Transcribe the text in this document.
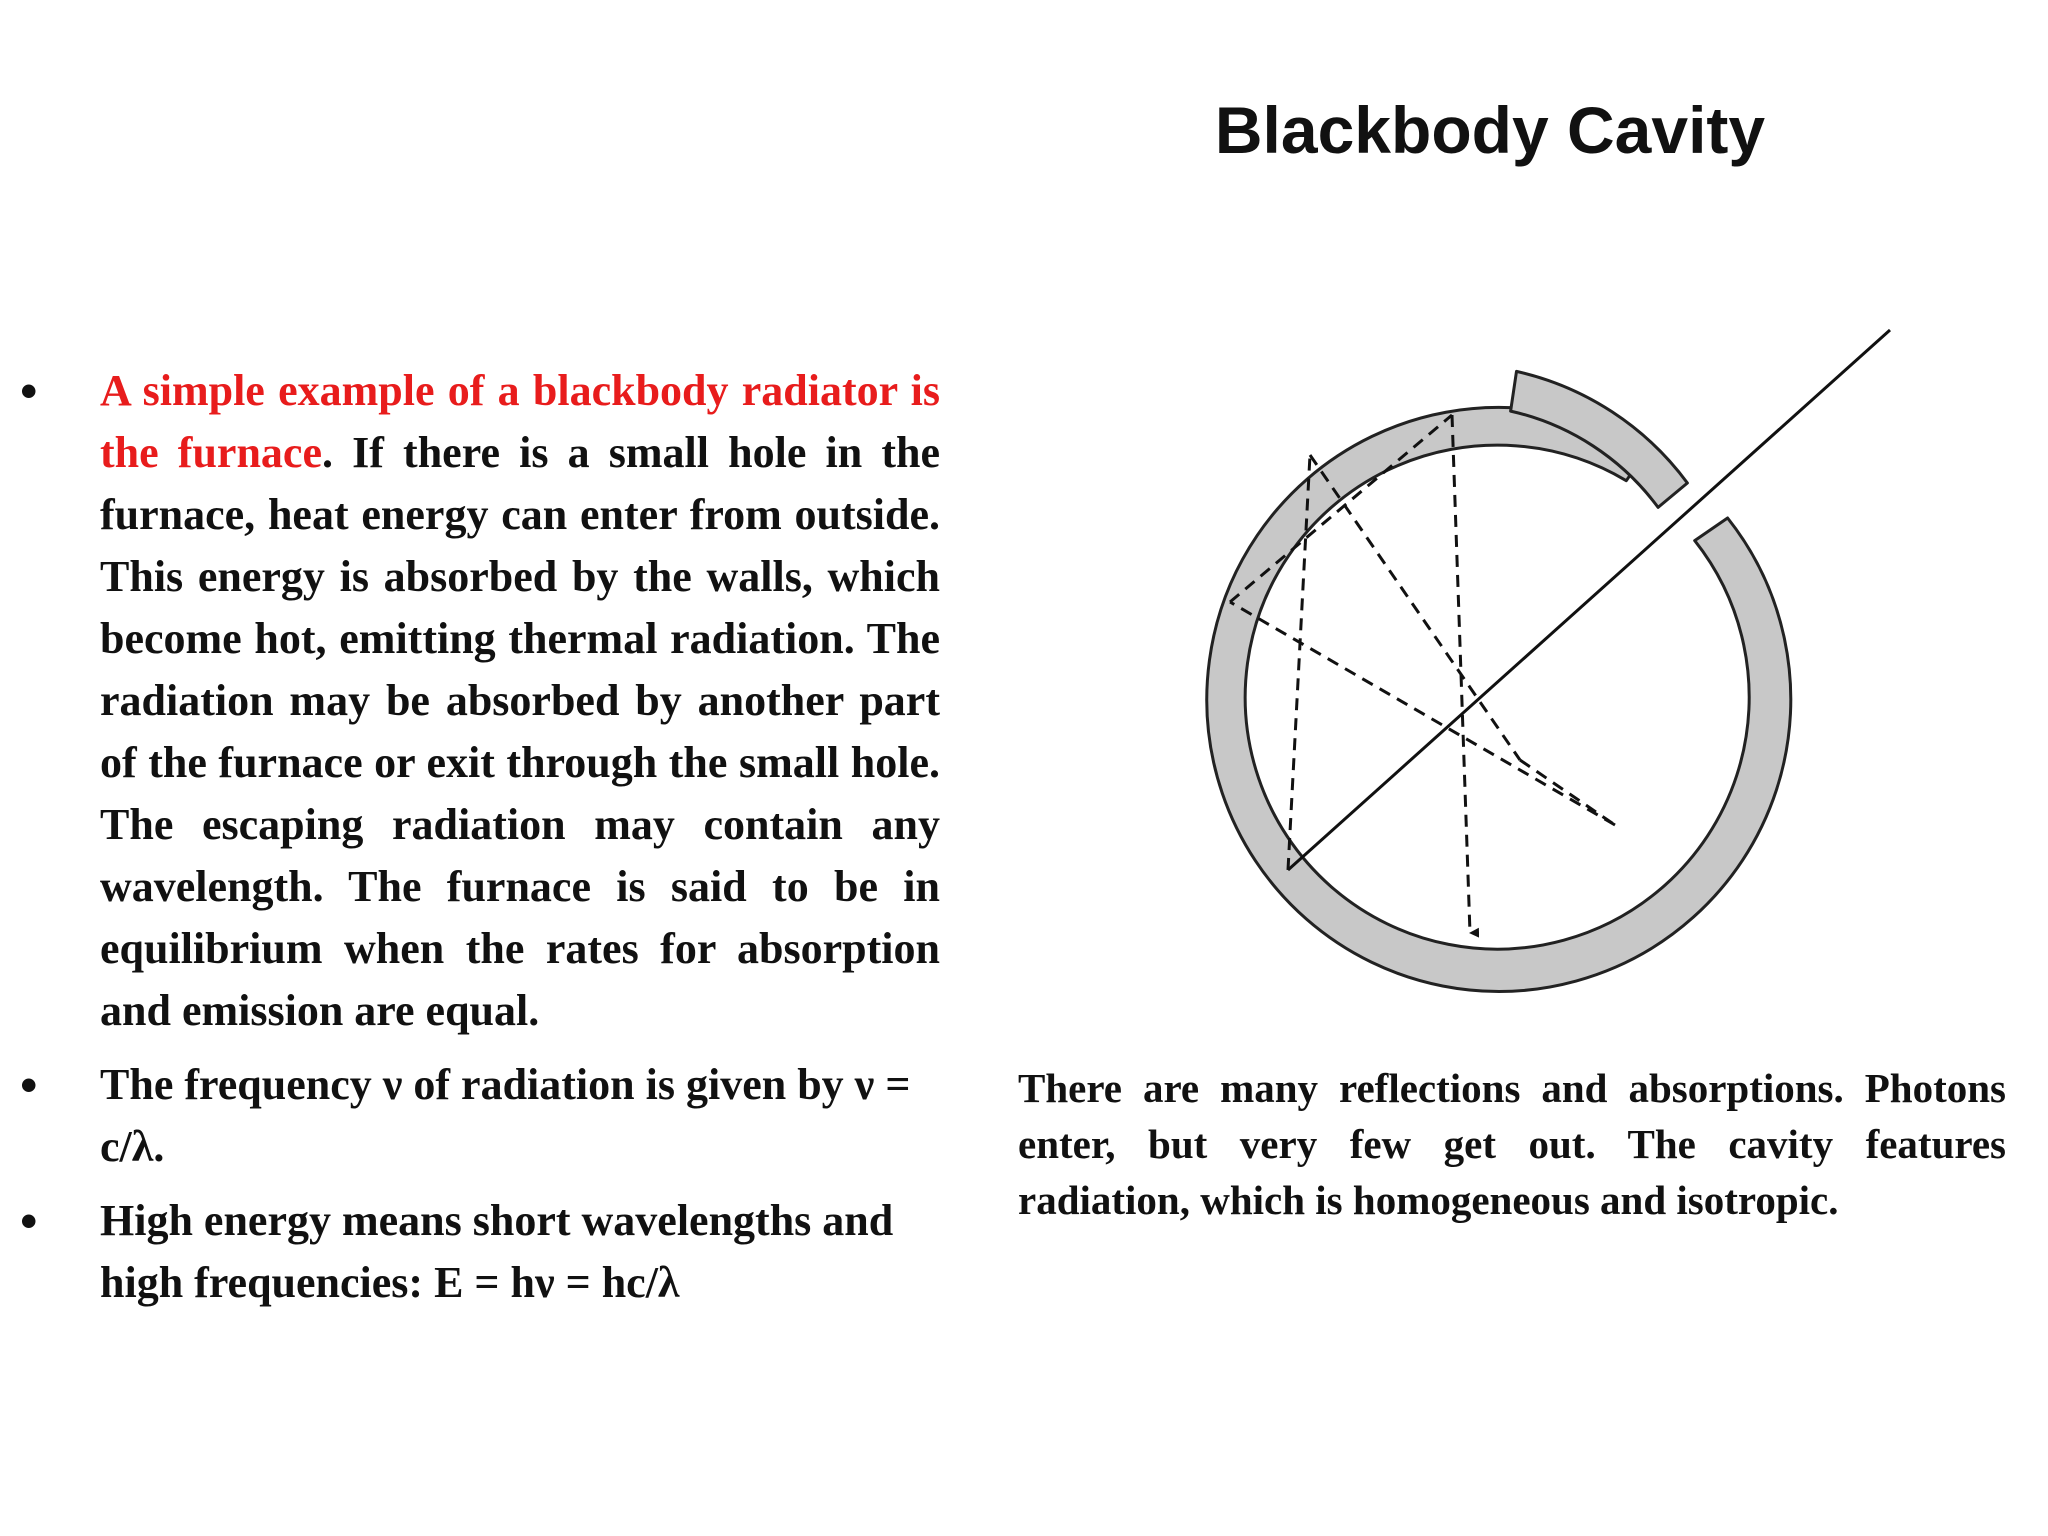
Blackbody Cavity
•	A simple example of a blackbody radiator is the furnace. If there is a small hole in the furnace, heat energy can enter from outside. This energy is absorbed by the walls, which become hot, emitting thermal radiation. The radiation may be absorbed by another part of the furnace or exit through the small hole. The escaping radiation may contain any wavelength. The furnace is said to be in equilibrium when the rates for absorption and emission are equal.

•	The frequency ν of radiation is given by ν = c/λ.

•	High energy means short wavelengths and high frequencies: E = hν = hc/λ

There are many reflections and absorptions. Photons enter, but very few get out. The cavity features radiation, which is homogeneous and isotropic.
